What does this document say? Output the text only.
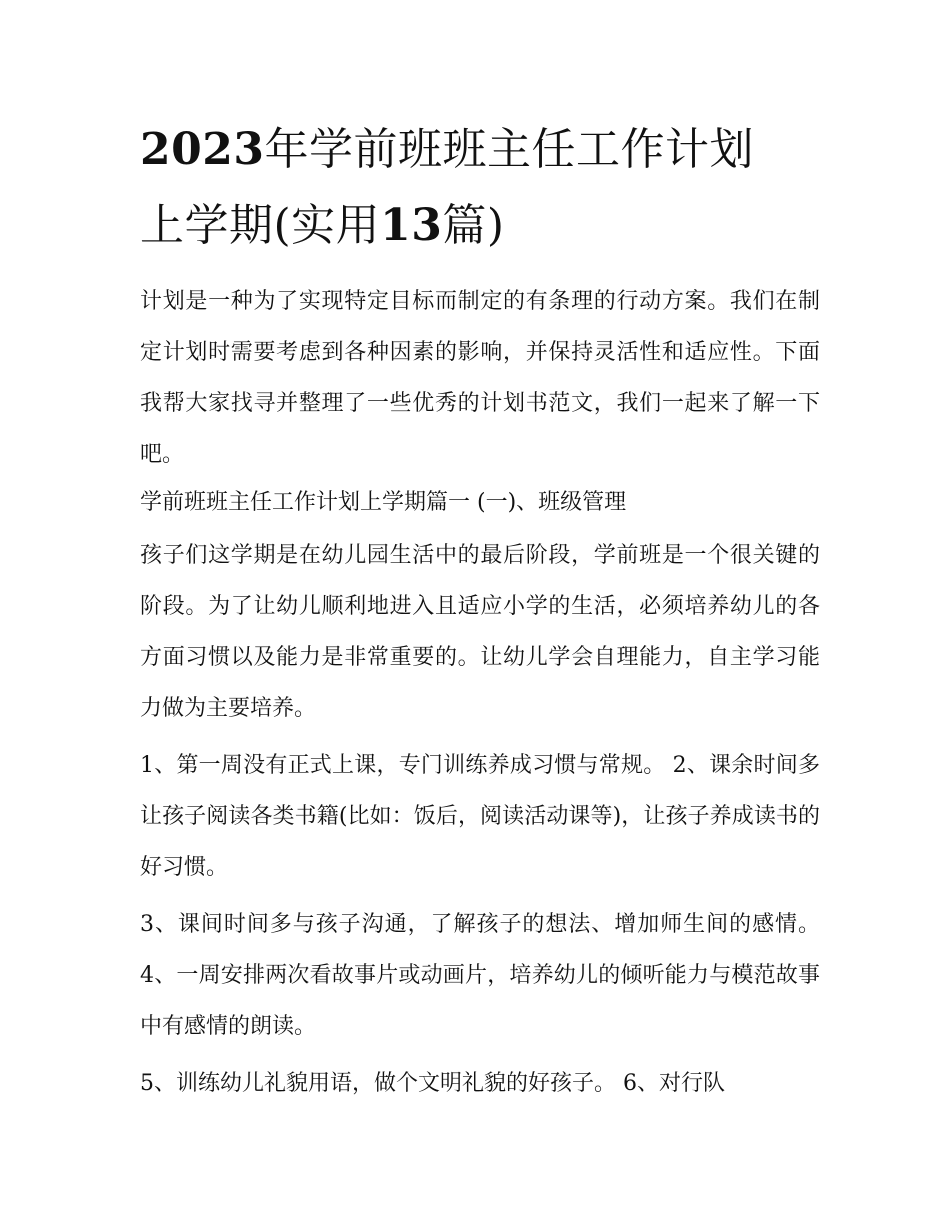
2023年学前班班主任工作计划
上学期(实用13篇)

计划是一种为了实现特定目标而制定的有条理的行动方案。我们在制定计划时需要考虑到各种因素的影响，并保持灵活性和适应性。下面我帮大家找寻并整理了一些优秀的计划书范文，我们一起来了解一下吧。

学前班班主任工作计划上学期篇一 (一)、班级管理

孩子们这学期是在幼儿园生活中的最后阶段，学前班是一个很关键的阶段。为了让幼儿顺利地进入且适应小学的生活，必须培养幼儿的各方面习惯以及能力是非常重要的。让幼儿学会自理能力，自主学习能力做为主要培养。

1、第一周没有正式上课，专门训练养成习惯与常规。 2、课余时间多让孩子阅读各类书籍(比如：饭后，阅读活动课等)，让孩子养成读书的好习惯。

3、课间时间多与孩子沟通，了解孩子的想法、增加师生间的感情。 4、一周安排两次看故事片或动画片，培养幼儿的倾听能力与模范故事中有感情的朗读。

5、训练幼儿礼貌用语，做个文明礼貌的好孩子。 6、对行队
